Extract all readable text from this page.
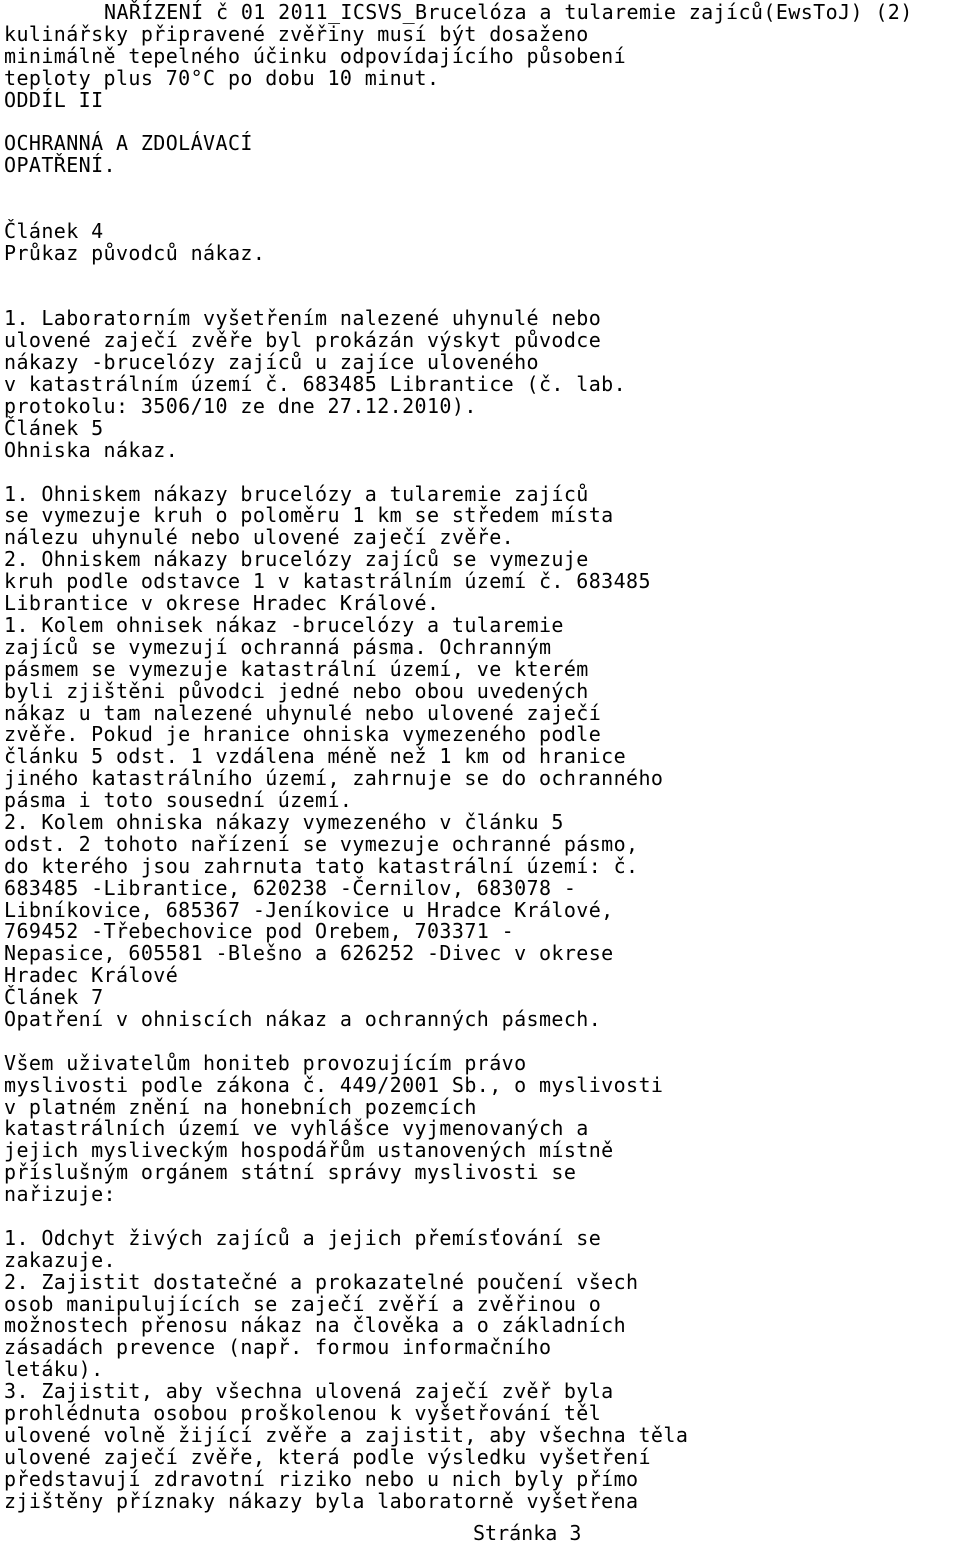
NAŘÍZENÍ č 01 2011_ICSVS_Brucelóza a tularemie zajíců(EwsToJ) (2)
kulinářsky připravené zvěřiny musí být dosaženo
minimálně tepelného účinku odpovídajícího působení
teploty plus 70°C po dobu 10 minut.
ODDÍL II
OCHRANNÁ A ZDOLÁVACÍ
OPATŘENÍ.
Článek 4
Průkaz původců nákaz.
1. Laboratorním vyšetřením nalezené uhynulé nebo
ulovené zaječí zvěře byl prokázán výskyt původce
nákazy -brucelózy zajíců u zajíce uloveného
v katastrálním území č. 683485 Librantice (č. lab.
protokolu: 3506/10 ze dne 27.12.2010).
Článek 5
Ohniska nákaz.
1. Ohniskem nákazy brucelózy a tularemie zajíců
se vymezuje kruh o poloměru 1 km se středem místa
nálezu uhynulé nebo ulovené zaječí zvěře.
2. Ohniskem nákazy brucelózy zajíců se vymezuje
kruh podle odstavce 1 v katastrálním území č. 683485
Librantice v okrese Hradec Králové.
1. Kolem ohnisek nákaz -brucelózy a tularemie
zajíců se vymezují ochranná pásma. Ochranným
pásmem se vymezuje katastrální území, ve kterém
byli zjištěni původci jedné nebo obou uvedených
nákaz u tam nalezené uhynulé nebo ulovené zaječí
zvěře. Pokud je hranice ohniska vymezeného podle
článku 5 odst. 1 vzdálena méně než 1 km od hranice
jiného katastrálního území, zahrnuje se do ochranného
pásma i toto sousední území.
2. Kolem ohniska nákazy vymezeného v článku 5
odst. 2 tohoto nařízení se vymezuje ochranné pásmo,
do kterého jsou zahrnuta tato katastrální území: č.
683485 -Librantice, 620238 -Černilov, 683078 -
Libníkovice, 685367 -Jeníkovice u Hradce Králové,
769452 -Třebechovice pod Orebem, 703371 -
Nepasice, 605581 -Blešno a 626252 -Divec v okrese
Hradec Králové
Článek 7
Opatření v ohniscích nákaz a ochranných pásmech.
Všem uživatelům honiteb provozujícím právo
myslivosti podle zákona č. 449/2001 Sb., o myslivosti
v platném znění na honebních pozemcích
katastrálních území ve vyhlášce vyjmenovaných a
jejich mysliveckým hospodářům ustanovených místně
příslušným orgánem státní správy myslivosti se
nařizuje:
1. Odchyt živých zajíců a jejich přemísťování se
zakazuje.
2. Zajistit dostatečné a prokazatelné poučení všech
osob manipulujících se zaječí zvěří a zvěřinou o
možnostech přenosu nákaz na člověka a o základních
zásadách prevence (např. formou informačního
letáku).
3. Zajistit, aby všechna ulovená zaječí zvěř byla
prohlédnuta osobou proškolenou k vyšetřování těl
ulovené volně žijící zvěře a zajistit, aby všechna těla
ulovené zaječí zvěře, která podle výsledku vyšetření
představují zdravotní riziko nebo u nich byly přímo
zjištěny příznaky nákazy byla laboratorně vyšetřena
Stránka 3
